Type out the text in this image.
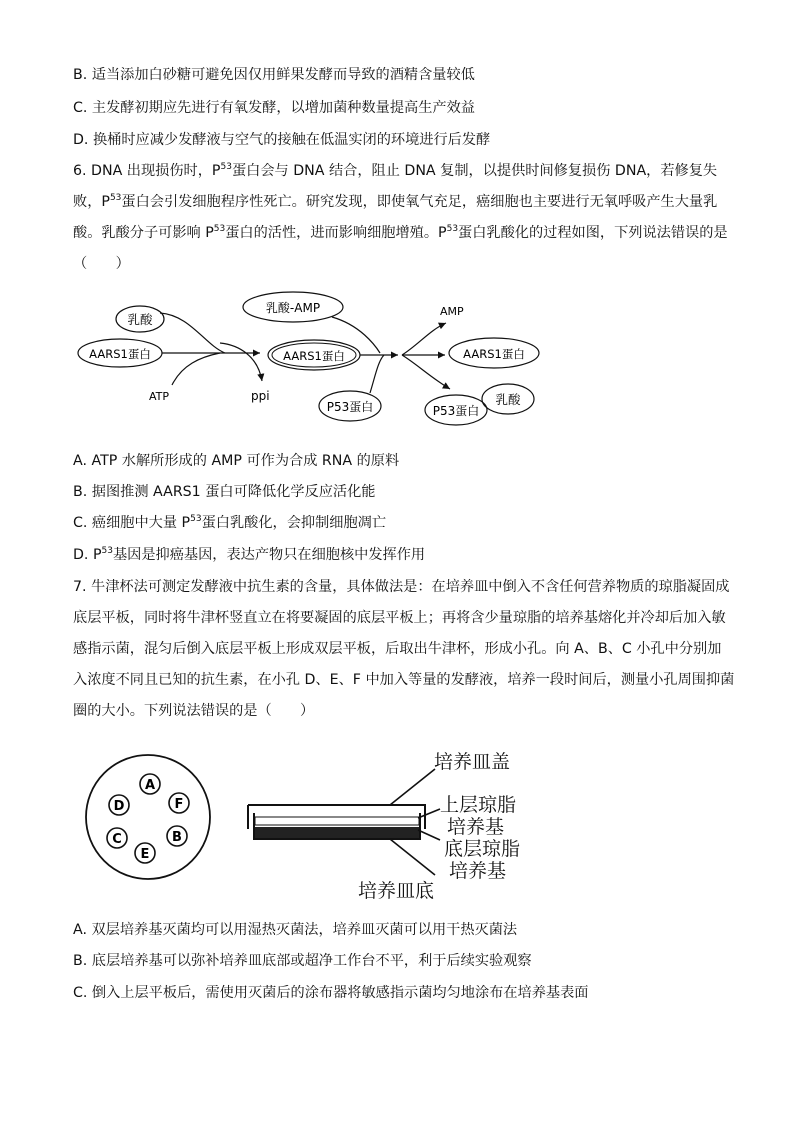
B. 适当添加白砂糖可避免因仅用鲜果发酵而导致的酒精含量较低
C. 主发酵初期应先进行有氧发酵，以增加菌种数量提高生产效益
D. 换桶时应减少发酵液与空气的接触在低温实闭的环境进行后发酵
6. DNA 出现损伤时，$P^{53}$蛋白会与 DNA 结合，阻止 DNA 复制，以提供时间修复损伤 DNA，若修复失
败，$P^{53}$蛋白会引发细胞程序性死亡。研究发现，即使氧气充足，癌细胞也主要进行无氧呼吸产生大量乳
酸。乳酸分子可影响 $P^{53}$蛋白的活性，进而影响细胞增殖。$P^{53}$蛋白乳酸化的过程如图，下列说法错误的是
（　　）
乳酸
AARS1蛋白
ATP	ppi
乳酸-AMP
AARS1蛋白
P53蛋白
AMP
AARS1蛋白
P53蛋白
乳酸
A. ATP 水解所形成的 AMP 可作为合成 RNA 的原料
B. 据图推测 AARS1 蛋白可降低化学反应活化能
C. 癌细胞中大量 $P^{53}$蛋白乳酸化，会抑制细胞凋亡
D. $P^{53}$基因是抑癌基因，表达产物只在细胞核中发挥作用
7. 牛津杯法可测定发酵液中抗生素的含量，具体做法是：在培养皿中倒入不含任何营养物质的琼脂凝固成
底层平板，同时将牛津杯竖直立在将要凝固的底层平板上；再将含少量琼脂的培养基熔化并冷却后加入敏
感指示菌，混匀后倒入底层平板上形成双层平板，后取出牛津杯，形成小孔。向 A、B、C 小孔中分别加
入浓度不同且已知的抗生素，在小孔 D、E、F 中加入等量的发酵液，培养一段时间后，测量小孔周围抑菌
圈的大小。下列说法错误的是（　　）
A
F
B
E
C
D
培养皿盖
上层琼脂
培养基
底层琼脂
培养基
培养皿底
A. 双层培养基灭菌均可以用湿热灭菌法，培养皿灭菌可以用干热灭菌法
B. 底层培养基可以弥补培养皿底部或超净工作台不平，利于后续实验观察
C. 倒入上层平板后，需使用灭菌后的涂布器将敏感指示菌均匀地涂布在培养基表面
